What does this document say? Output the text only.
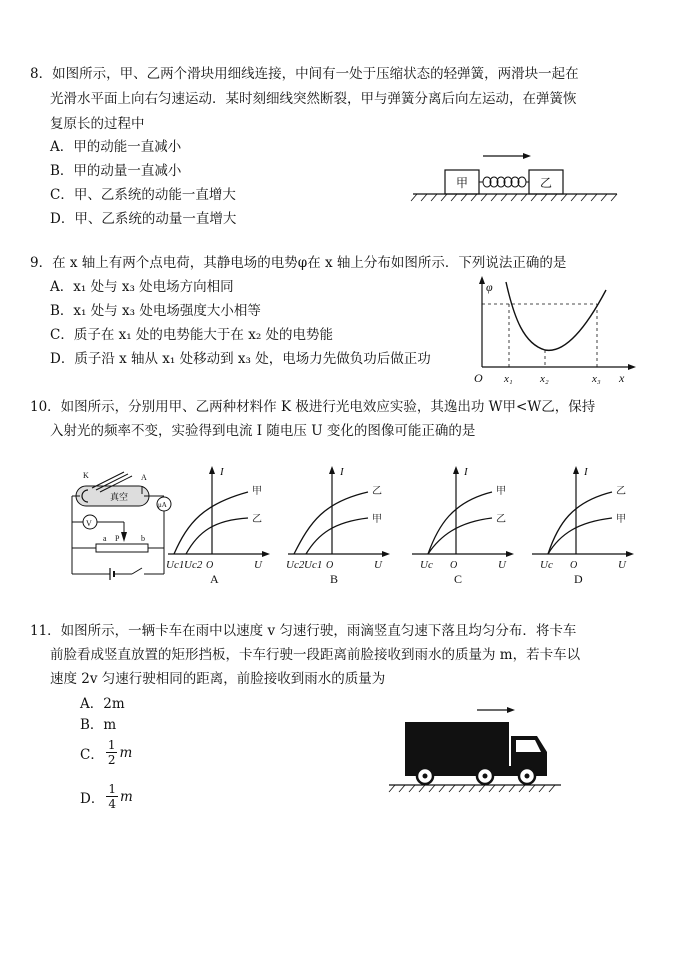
8．如图所示，甲、乙两个滑块用细线连接，中间有一处于压缩状态的轻弹簧，两滑块一起在
光滑水平面上向右匀速运动．某时刻细线突然断裂，甲与弹簧分离后向左运动，在弹簧恢
复原长的过程中
A．甲的动能一直减小
B．甲的动量一直减小
C．甲、乙系统的动能一直增大
D．甲、乙系统的动量一直增大
甲	乙
9．在 x 轴上有两个点电荷，其静电场的电势φ在 x 轴上分布如图所示．下列说法正确的是
A．x₁ 处与 x₃ 处电场方向相同
B．x₁ 处与 x₃ 处电场强度大小相等
C．质子在 x₁ 处的电势能大于在 x₂ 处的电势能
D．质子沿 x 轴从 x₁ 处移动到 x₃ 处，电场力先做负功后做正功
φ
x
O x₁ x₂	x₃
10．如图所示，分别用甲、乙两种材料作 K 极进行光电效应实验，其逸出功 W甲<W乙，保持
入射光的频率不变，实验得到电流 I 随电压 U 变化的图像可能正确的是
真空
K	A
μA
V
a P	b
I
U
O
甲
乙
Uc1 Uc2
A
I
U
O
乙
甲
Uc2 Uc1
B
I
U
O
甲
乙
Uc
C
I
U
O
乙
甲
Uc
D
11．如图所示，一辆卡车在雨中以速度 v 匀速行驶，雨滴竖直匀速下落且均匀分布．将卡车
前脸看成竖直放置的矩形挡板，卡车行驶一段距离前脸接收到雨水的质量为 m，若卡车以
速度 2v 匀速行驶相同的距离，前脸接收到雨水的质量为
A．2m
B．m
C． $\frac{1}{2}$ m
D． $\frac{1}{4}$ m
